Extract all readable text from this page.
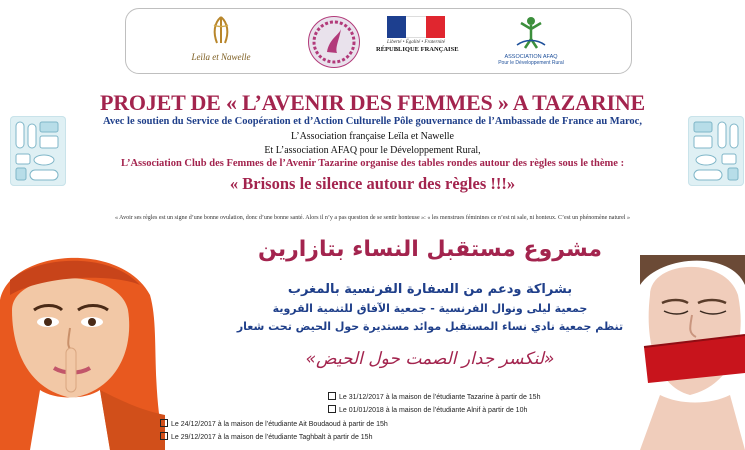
Leïla et Nawelle
Liberté • Égalité • Fraternité
RÉPUBLIQUE FRANÇAISE
ASSOCIATION AFAQ
Pour le Développement Rural
PROJET DE « L’AVENIR DES FEMMES » A TAZARINE
Avec le soutien du Service de Coopération et d’Action Culturelle Pôle gouvernance de l’Ambassade de France au Maroc,
L’Association française Leïla et Nawelle
Et L’association AFAQ pour le Développement Rural,
L’Association Club des Femmes de l’Avenir Tazarine organise des tables rondes autour des règles sous le thème :
« Brisons le silence autour des règles !!!»
« Avoir ses règles est un signe d’une bonne ovulation, donc d’une bonne santé. Alors il n’y a pas question de se sentir honteuse »: « les menstrues féminines ce n’est ni sale, ni honteux. C’est un phénomène naturel »
مشروع مستقبل النساء بتازارين
بشراكة ودعم من السفارة الفرنسية بالمغرب
جمعية ليلى ونوال الفرنسية - جمعية الآفاق للتنمية القروية
تنظم جمعية نادي نساء المستقبل موائد مستديرة حول الحيض تحت شعار
«لنكسر جدار الصمت حول الحيض»
Le 31/12/2017 à la maison de l’étudiante Tazarine à partir de 15h
Le 01/01/2018 à la maison de l’étudiante Alnif à partir de 10h
Le 24/12/2017 à la maison de l’étudiante Ait Boudaoud à partir de 15h
Le 29/12/2017 à la maison de l’étudiante Taghbalt à partir de 15h
